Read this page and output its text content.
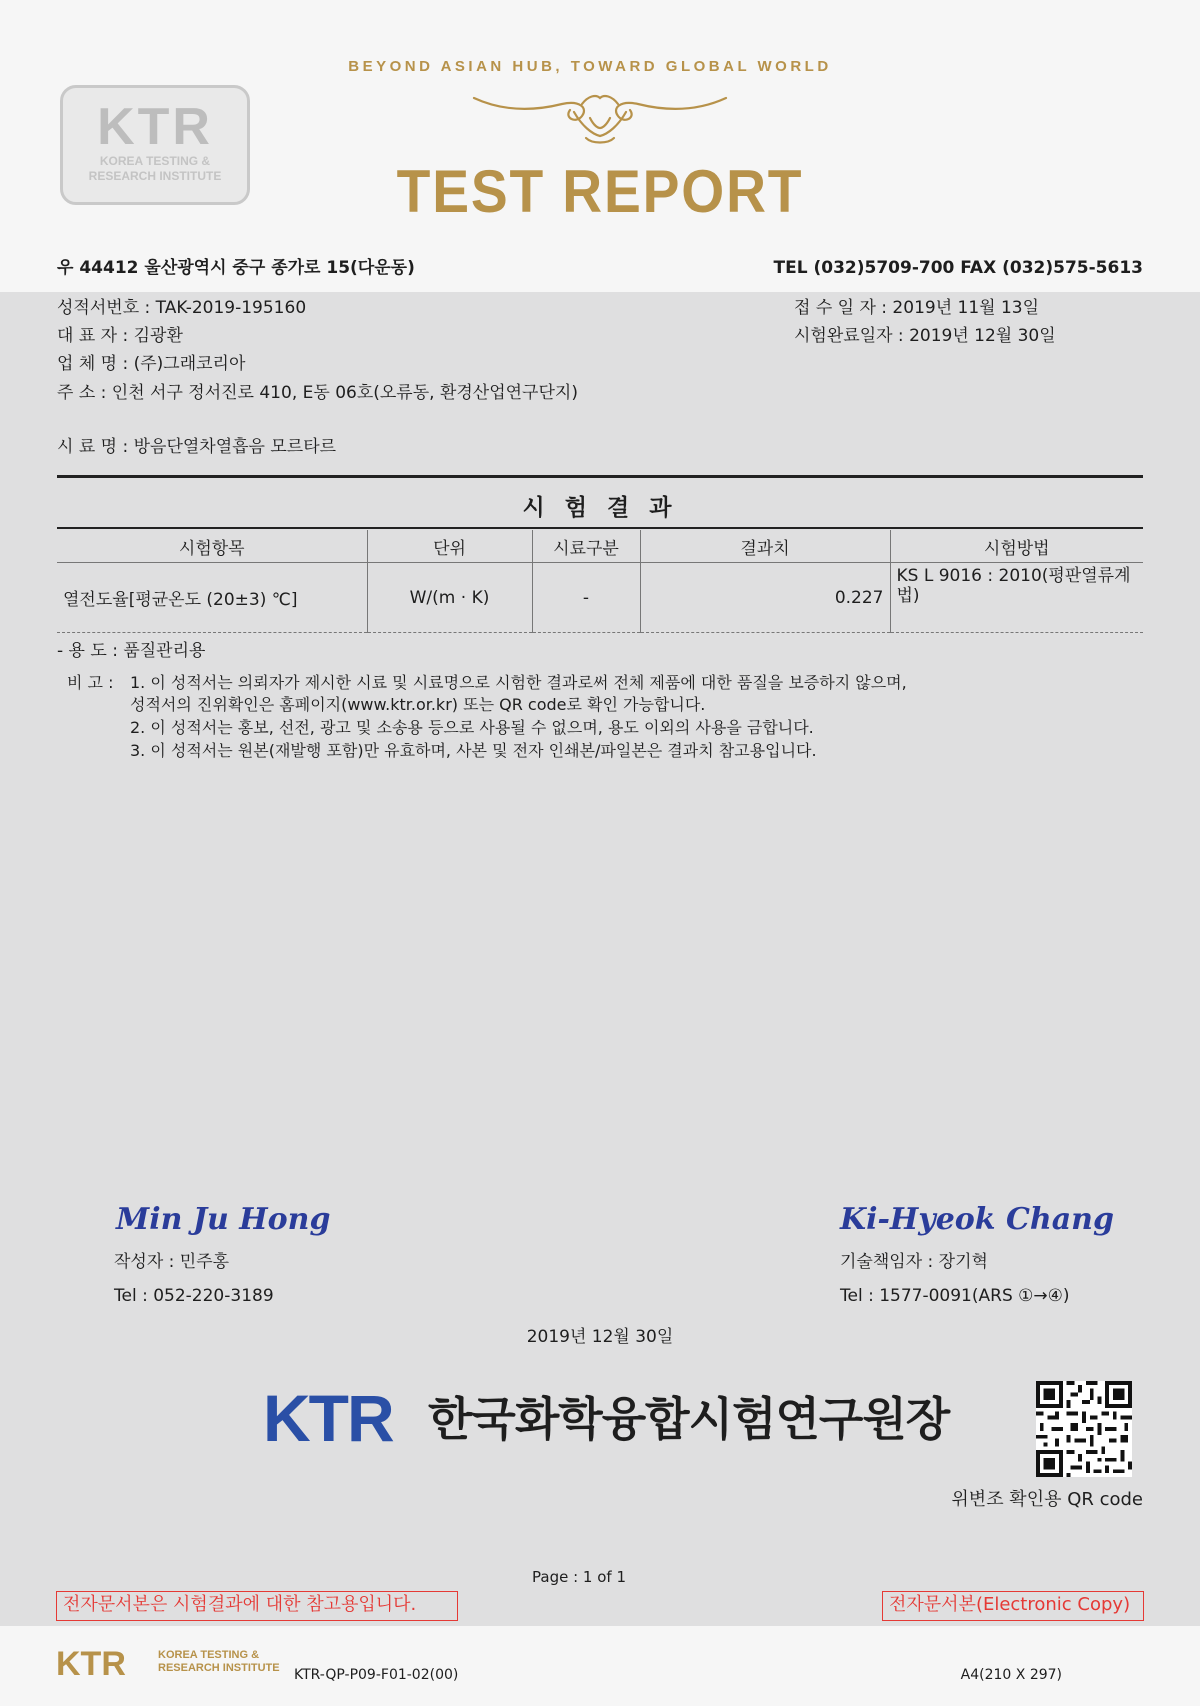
KTR
KOREA TESTING &
RESEARCH INSTITUTE
BEYOND ASIAN HUB, TOWARD GLOBAL WORLD
TEST REPORT
우 44412 울산광역시 중구 종가로 15(다운동)	TEL (032)5709-700 FAX (032)575-5613
성적서번호 : TAK-2019-195160
대 표 자 : 김광환
업 체 명 : (주)그래코리아
주 소 : 인천 서구 정서진로 410, E동 06호(오류동, 환경산업연구단지)
시 료 명 : 방음단열차열흡음 모르타르
접 수 일 자 : 2019년 11월 13일
시험완료일자 : 2019년 12월 30일
시 험 결 과
시험항목	단위	시료구분	결과치	시험방법
열전도율[평균온도 (20±3) ℃]	W/(m · K)	-	0.227	KS L 9016 : 2010(평판열류계법)
- 용 도 : 품질관리용
비 고 : 1. 이 성적서는 의뢰자가 제시한 시료 및 시료명으로 시험한 결과로써 전체 제품에 대한 품질을 보증하지 않으며,
성적서의 진위확인은 홈페이지(www.ktr.or.kr) 또는 QR code로 확인 가능합니다.
2. 이 성적서는 홍보, 선전, 광고 및 소송용 등으로 사용될 수 없으며, 용도 이외의 사용을 금합니다.
3. 이 성적서는 원본(재발행 포함)만 유효하며, 사본 및 전자 인쇄본/파일본은 결과치 참고용입니다.
Min Ju Hong
작성자 : 민주홍
Tel : 052-220-3189
Ki-Hyeok Chang
기술책임자 : 장기혁
Tel : 1577-0091(ARS ①→④)
2019년 12월 30일
KTR 한국화학융합시험연구원장
위변조 확인용 QR code
Page : 1 of 1
전자문서본은 시험결과에 대한 참고용입니다.	전자문서본(Electronic Copy)
KTR	KOREA TESTING &
RESEARCH INSTITUTE KTR-QP-P09-F01-02(00)	A4(210 X 297)
